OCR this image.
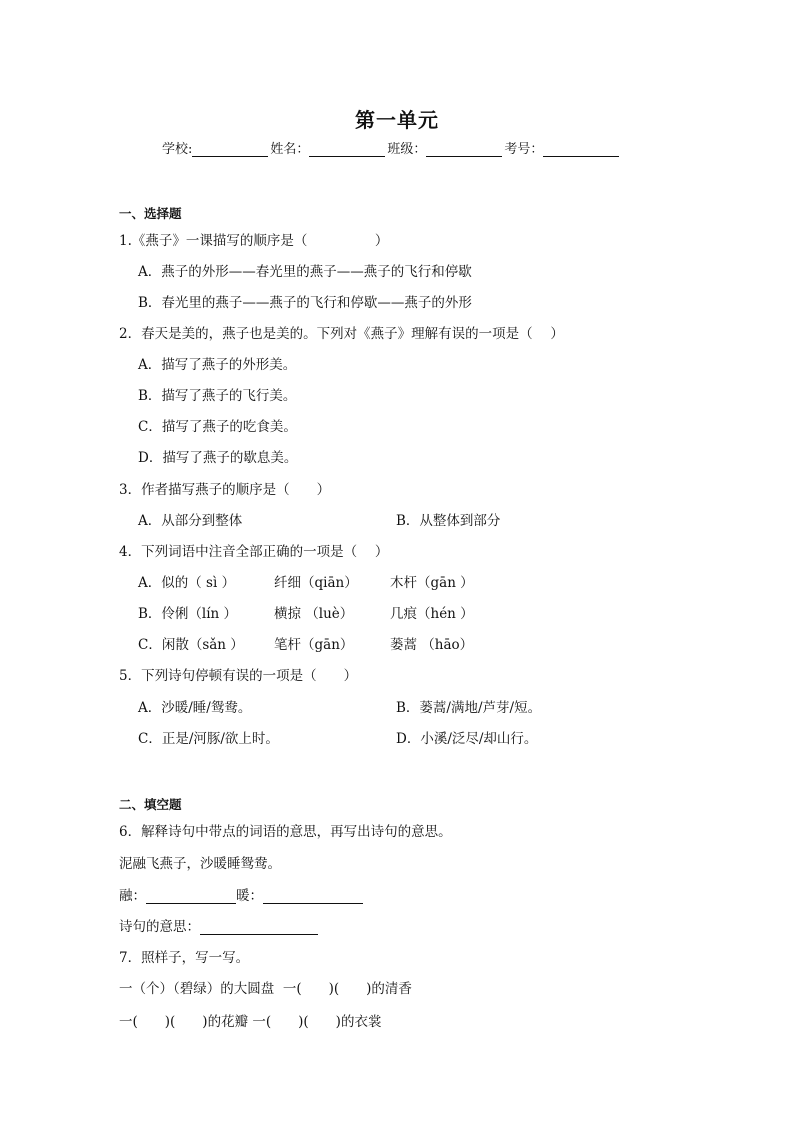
第一单元
学校:	姓名：	班级：	考号：
一、选择题
1.《燕子》一课描写的顺序是（　　　　　）
A．燕子的外形——春光里的燕子——燕子的飞行和停歇
B．春光里的燕子——燕子的飞行和停歇——燕子的外形
2．春天是美的，燕子也是美的。下列对《燕子》理解有误的一项是（　 ）
A．描写了燕子的外形美。
B．描写了燕子的飞行美。
C．描写了燕子的吃食美。
D．描写了燕子的歇息美。
3．作者描写燕子的顺序是（　　）
A．从部分到整体	B．从整体到部分
4．下列词语中注音全部正确的一项是（　 ）
A．似的（ sì ）	纤细（qiān） 木杆（gān ）
B．伶俐（lín ）	横掠 （luè）	几痕（hén ）
C．闲散（sǎn ） 笔杆（gān）	蒌蒿 （hāo）
5．下列诗句停顿有误的一项是（　　）
A．沙暖/睡/鸳鸯。	B．蒌蒿/满地/芦芽/短。
C．正是/河豚/欲上时。	D．小溪/泛尽/却山行。
二、填空题
6．解释诗句中带点的词语的意思，再写出诗句的意思。
泥融飞燕子，沙暖睡鸳鸯。
融：	暖：
诗句的意思：
7．照样子，写一写。
一（个）（碧绿）的大圆盘 一(　　)(　　)的清香
一(　　)(　　)的花瓣 一(　　)(　　)的衣裳
